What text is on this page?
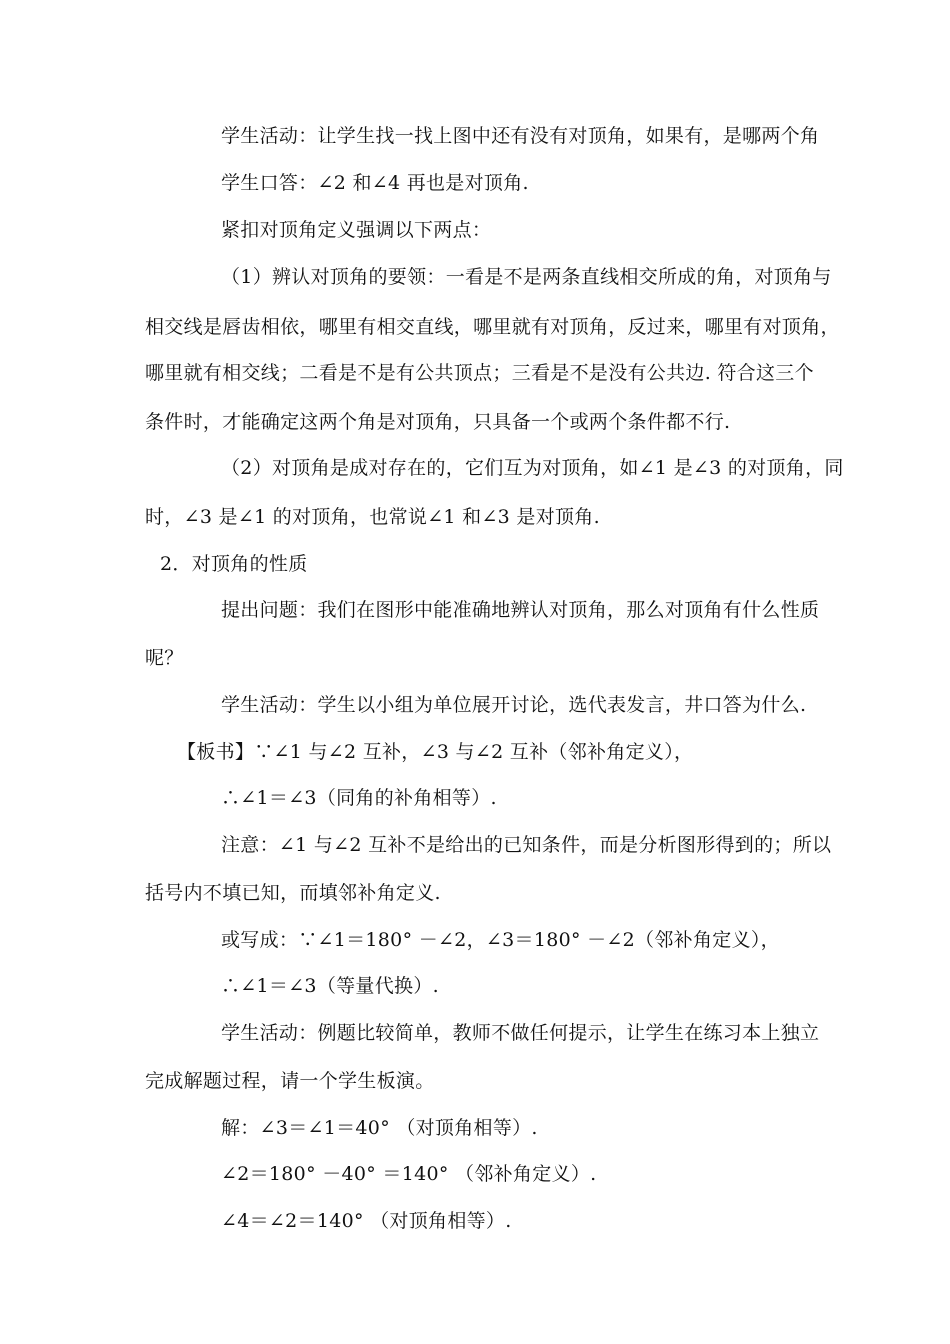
学生活动：让学生找一找上图中还有没有对顶角，如果有，是哪两个角
学生口答：∠2 和∠4 再也是对顶角.
紧扣对顶角定义强调以下两点：
（1）辨认对顶角的要领：一看是不是两条直线相交所成的角，对顶角与
相交线是唇齿相依，哪里有相交直线，哪里就有对顶角，反过来，哪里有对顶角，
哪里就有相交线；二看是不是有公共顶点；三看是不是没有公共边. 符合这三个
条件时，才能确定这两个角是对顶角，只具备一个或两个条件都不行.
（2）对顶角是成对存在的，它们互为对顶角，如∠1 是∠3 的对顶角，同
时，∠3 是∠1 的对顶角，也常说∠1 和∠3 是对顶角.
2．对顶角的性质
提出问题：我们在图形中能准确地辨认对顶角，那么对顶角有什么性质
呢？
学生活动：学生以小组为单位展开讨论，选代表发言，井口答为什么.
【板书】∵∠1 与∠2 互补，∠3 与∠2 互补（邻补角定义），
∴∠1＝∠3（同角的补角相等）.
注意：∠1 与∠2 互补不是给出的已知条件，而是分析图形得到的；所以
括号内不填已知，而填邻补角定义.
或写成：∵∠1＝180° －∠2，∠3＝180° －∠2（邻补角定义），
∴∠1＝∠3（等量代换）.
学生活动：例题比较简单，教师不做任何提示，让学生在练习本上独立
完成解题过程，请一个学生板演。
解：∠3＝∠1＝40° （对顶角相等）.
∠2＝180° －40° ＝140° （邻补角定义）.
∠4＝∠2＝140° （对顶角相等）.
